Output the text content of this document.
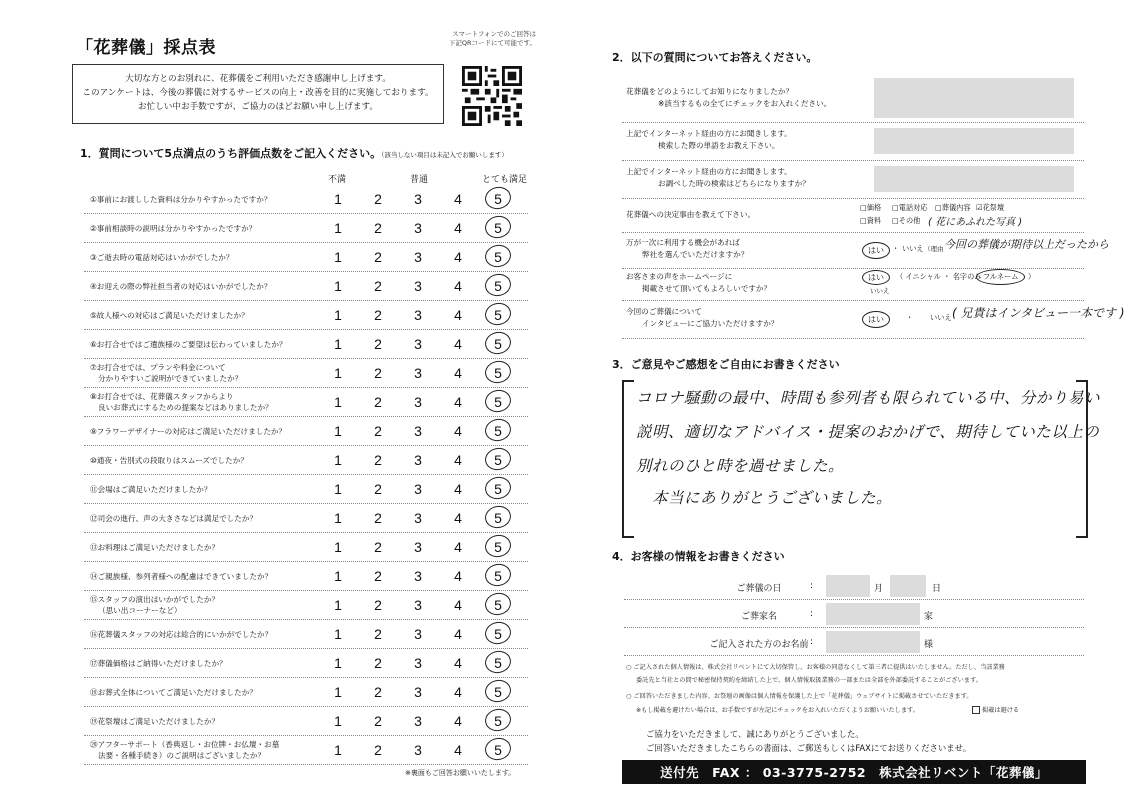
「花葬儀」採点表
スマートフォンでのご回答は
下記QRコードにて可能です。
大切な方とのお別れに、花葬儀をご利用いただき感謝申し上げます。
このアンケートは、今後の葬儀に対するサービスの向上・改善を目的に実施しております。
お忙しい中お手数ですが、ご協力のほどお願い申し上げます。
1．質問について5点満点のうち評価点数をご記入ください。（該当しない項目は未記入でお願いします）
不満	普通	とても満足
①事前にお渡しした資料は分かりやすかったですか？	1 2 3 4 5
②事前相談時の説明は分かりやすかったですか？	1 2 3 4 5
③ご逝去時の電話対応はいかがでしたか？	1 2 3 4 5
④お迎えの際の弊社担当者の対応はいかがでしたか？	1 2 3 4 5
⑤故人様への対応はご満足いただけましたか？	1 2 3 4 5
⑥お打合せではご遺族様のご要望は伝わっていましたか？	1 2 3 4 5
⑦お打合せでは、プランや料金について
分かりやすいご説明ができていましたか？	1 2 3 4 5
⑧お打合せでは、花葬儀スタッフからより
良いお葬式にするための提案などはありましたか？	1 2 3 4 5
⑨フラワーデザイナーの対応はご満足いただけましたか？	1 2 3 4 5
⑩通夜・告別式の段取りはスムーズでしたか？	1 2 3 4 5
⑪会場はご満足いただけましたか？	1 2 3 4 5
⑫司会の進行、声の大きさなどは満足でしたか？	1 2 3 4 5
⑬お料理はご満足いただけましたか？	1 2 3 4 5
⑭ご親族様、参列者様への配慮はできていましたか？	1 2 3 4 5
⑮スタッフの演出はいかがでしたか？
（思い出コーナーなど）	1 2 3 4 5
⑯花葬儀スタッフの対応は総合的にいかがでしたか？	1 2 3 4 5
⑰葬儀価格はご納得いただけましたか？	1 2 3 4 5
⑱お葬式全体についてご満足いただけましたか？	1 2 3 4 5
⑲花祭壇はご満足いただけましたか？	1 2 3 4 5
⑳アフターサポート（香典返し・お位牌・お仏壇・お墓
法要・各種手続き）のご説明はございましたか？	1 2 3 4 5
※裏面もご回答お願いいたします。
2．以下の質問についてお答えください。
花葬儀をどのようにしてお知りになりましたか？
※該当するもの全てにチェックをお入れください。
上記でインターネット経由の方にお聞きします。
検索した際の単語をお教え下さい。
上記でインターネット経由の方にお聞きします。
お調べした時の検索はどちらになりますか？
花葬儀への決定事由を教えて下さい。
□価格 □電話対応 □葬儀内容 ☑花祭壇
□資料 □その他 ( 花にあふれた写真 )
万が一次に利用する機会があれば
弊社を選んでいただけますか？	はい	・ いいえ （理由 今回の葬儀が期待以上だったから
お客さまの声をホームページに
掲載させて頂いてもよろしいですか？
はい	（ イニシャル ・ 名字のみ フルネーム	）
いいえ
今回のご葬儀について
インタビューにご協力いただけますか？	はい	・ いいえ ( 兄貴はインタビュー一本です )
3．ご意見やご感想をご自由にお書きください
コロナ騒動の最中、時間も参列者も限られている中、分かり易い
説明、適切なアドバイス・提案のおかげで、期待していた以上の
別れのひと時を過せました。
本当にありがとうございました。
4．お客様の情報をお書きください
ご葬儀の日	:	月	日
ご葬家名	:	家
ご記入された方のお名前 :	様
○ ご記入された個人情報は、株式会社リベントにて大切保管し、お客様の同意なくして第三者に提供はいたしません。ただし、当該業務
委託先と当社との間で秘密保持契約を締結した上で、個人情報取扱業務の一部または全部を外部委託することがございます。
○ ご回答いただきました内容、お祭壇の画像は個人情報を保護した上で「花葬儀」ウェブサイトに掲載させていただきます。
※もし掲載を避けたい場合は、お手数ですが左記にチェックをお入れいただくようお願いいたします。	掲載は避ける
ご協力をいただきまして、誠にありがとうございました。
ご回答いただきましたこちらの書面は、ご郵送もしくはFAXにてお送りくださいませ。
送付先　FAX ： 03-3775-2752　株式会社リベント「花葬儀」
